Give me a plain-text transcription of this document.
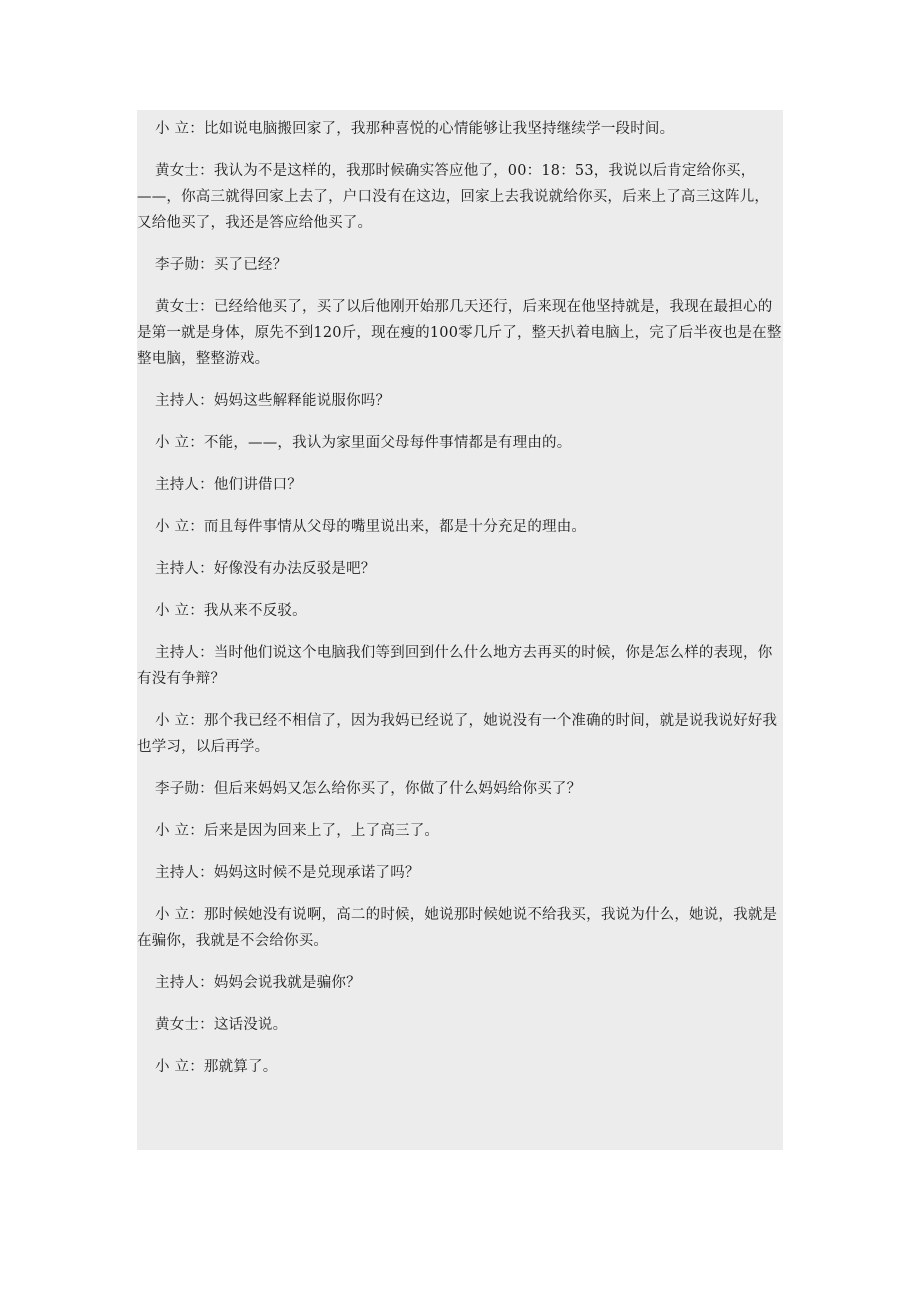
小 立：比如说电脑搬回家了，我那种喜悦的心情能够让我坚持继续学一段时间。

黄女士：我认为不是这样的，我那时候确实答应他了，00：18：53，我说以后肯定给你买，——，你高三就得回家上去了，户口没有在这边，回家上去我说就给你买，后来上了高三这阵儿，又给他买了，我还是答应给他买了。

李子勋：买了已经？

黄女士：已经给他买了，买了以后他刚开始那几天还行，后来现在他坚持就是，我现在最担心的是第一就是身体，原先不到120斤，现在瘦的100零几斤了，整天扒着电脑上，完了后半夜也是在整整电脑，整整游戏。

主持人：妈妈这些解释能说服你吗？

小 立：不能，——，我认为家里面父母每件事情都是有理由的。

主持人：他们讲借口？

小 立：而且每件事情从父母的嘴里说出来，都是十分充足的理由。

主持人：好像没有办法反驳是吧？

小 立：我从来不反驳。

主持人：当时他们说这个电脑我们等到回到什么什么地方去再买的时候，你是怎么样的表现，你有没有争辩？

小 立：那个我已经不相信了，因为我妈已经说了，她说没有一个准确的时间，就是说我说好好我也学习，以后再学。

李子勋：但后来妈妈又怎么给你买了，你做了什么妈妈给你买了？

小 立：后来是因为回来上了，上了高三了。

主持人：妈妈这时候不是兑现承诺了吗？

小 立：那时候她没有说啊，高二的时候，她说那时候她说不给我买，我说为什么，她说，我就是在骗你，我就是不会给你买。

主持人：妈妈会说我就是骗你？

黄女士：这话没说。

小 立：那就算了。
